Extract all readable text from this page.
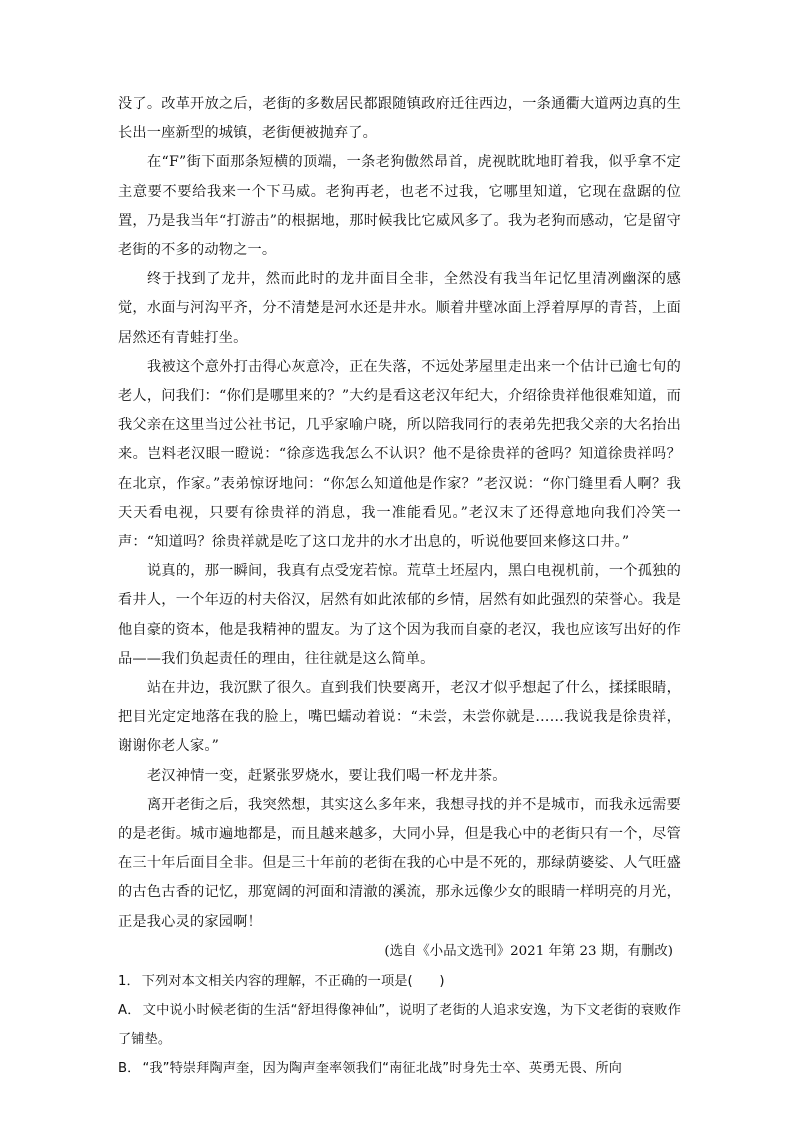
没了。改革开放之后，老街的多数居民都跟随镇政府迁往西边，一条通衢大道两边真的生长出一座新型的城镇，老街便被抛弃了。

在“F”街下面那条短横的顶端，一条老狗傲然昂首，虎视眈眈地盯着我，似乎拿不定主意要不要给我来一个下马威。老狗再老，也老不过我，它哪里知道，它现在盘踞的位置，乃是我当年“打游击”的根据地，那时候我比它威风多了。我为老狗而感动，它是留守老街的不多的动物之一。

终于找到了龙井，然而此时的龙井面目全非，全然没有我当年记忆里清冽幽深的感觉，水面与河沟平齐，分不清楚是河水还是井水。顺着井壁冰面上浮着厚厚的青苔，上面居然还有青蛙打坐。

我被这个意外打击得心灰意冷，正在失落，不远处茅屋里走出来一个估计已逾七旬的老人，问我们：“你们是哪里来的？”大约是看这老汉年纪大，介绍徐贵祥他很难知道，而我父亲在这里当过公社书记，几乎家喻户晓，所以陪我同行的表弟先把我父亲的大名抬出来。岂料老汉眼一瞪说：“徐彦选我怎么不认识？他不是徐贵祥的爸吗？知道徐贵祥吗？在北京，作家。”表弟惊讶地问：“你怎么知道他是作家？”老汉说：“你门缝里看人啊？我天天看电视，只要有徐贵祥的消息，我一准能看见。”老汉末了还得意地向我们冷笑一声：“知道吗？徐贵祥就是吃了这口龙井的水才出息的，听说他要回来修这口井。”

说真的，那一瞬间，我真有点受宠若惊。荒草土坯屋内，黑白电视机前，一个孤独的看井人，一个年迈的村夫俗汉，居然有如此浓郁的乡情，居然有如此强烈的荣誉心。我是他自豪的资本，他是我精神的盟友。为了这个因为我而自豪的老汉，我也应该写出好的作品——我们负起责任的理由，往往就是这么简单。

站在井边，我沉默了很久。直到我们快要离开，老汉才似乎想起了什么，揉揉眼睛，把目光定定地落在我的脸上，嘴巴蠕动着说：“未尝，未尝你就是……我说我是徐贵祥，谢谢你老人家。”

老汉神情一变，赶紧张罗烧水，要让我们喝一杯龙井茶。

离开老街之后，我突然想，其实这么多年来，我想寻找的并不是城市，而我永远需要的是老街。城市遍地都是，而且越来越多，大同小异，但是我心中的老街只有一个，尽管在三十年后面目全非。但是三十年前的老街在我的心中是不死的，那绿荫婆娑、人气旺盛的古色古香的记忆，那宽阔的河面和清澈的溪流，那永远像少女的眼睛一样明亮的月光，正是我心灵的家园啊！

(选自《小品文选刊》2021 年第 23 期，有删改)

1． 下列对本文相关内容的理解，不正确的一项是(　　)

A． 文中说小时候老街的生活“舒坦得像神仙”，说明了老街的人追求安逸，为下文老街的衰败作了铺垫。

B． “我”特崇拜陶声奎，因为陶声奎率领我们“南征北战”时身先士卒、英勇无畏、所向
